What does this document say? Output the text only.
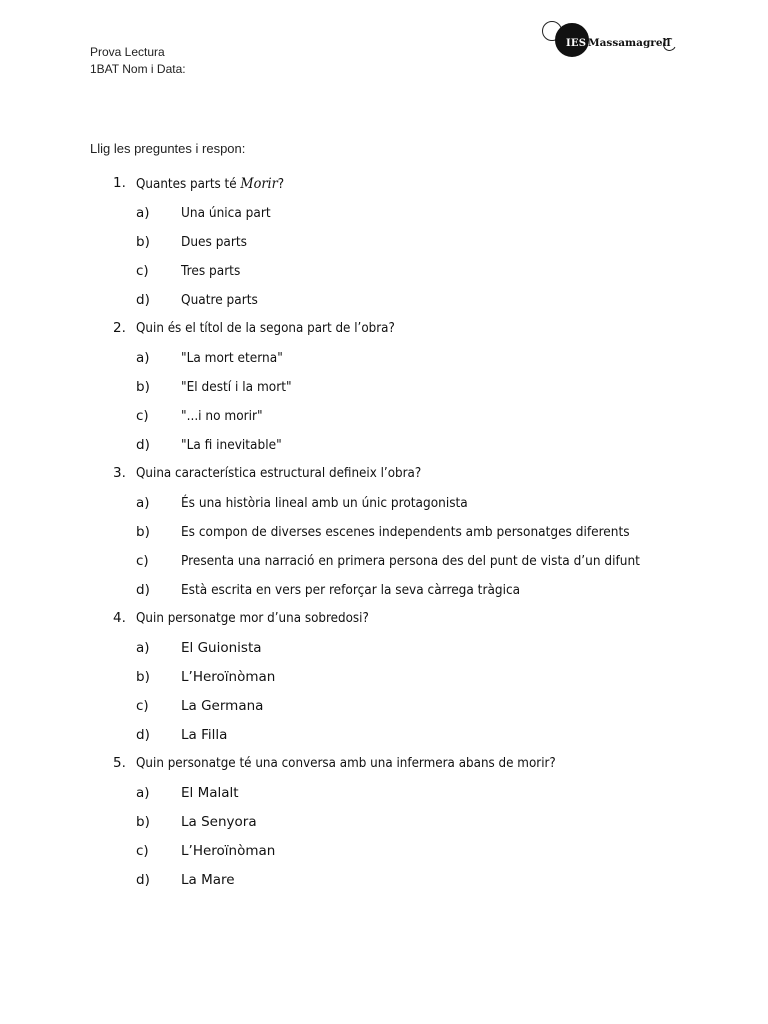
Prova Lectura
1BAT Nom i Data:
IES Massamagrell
Llig les preguntes i respon:
1. Quantes parts té Morir?
a) Una única part
b) Dues parts
c) Tres parts
d) Quatre parts
2. Quin és el títol de la segona part de l’obra?
a) "La mort eterna"
b) "El destí i la mort"
c) "...i no morir"
d) "La fi inevitable"
3. Quina característica estructural defineix l’obra?
a) És una història lineal amb un únic protagonista
b) Es compon de diverses escenes independents amb personatges diferents
c) Presenta una narració en primera persona des del punt de vista d’un difunt
d) Està escrita en vers per reforçar la seva càrrega tràgica
4. Quin personatge mor d’una sobredosi?
a) El Guionista
b) L’Heroïnòman
c) La Germana
d) La Filla
5. Quin personatge té una conversa amb una infermera abans de morir?
a) El Malalt
b) La Senyora
c) L’Heroïnòman
d) La Mare
